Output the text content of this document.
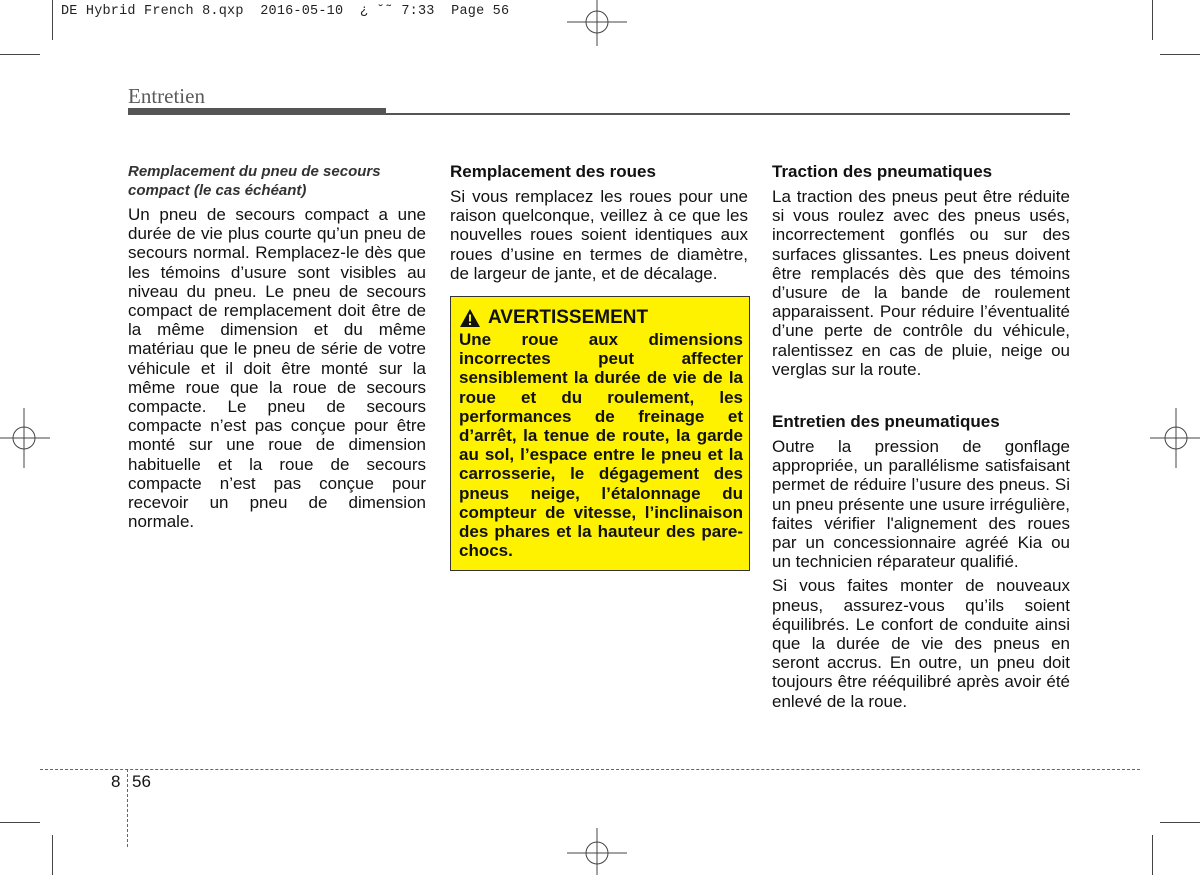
DE Hybrid French 8.qxp  2016-05-10  ¿ ˘˜ 7:33  Page 56
Entretien
Remplacement du pneu de secours compact (le cas échéant)

Un pneu de secours compact a une durée de vie plus courte qu’un pneu de secours normal. Remplacez-le dès que les témoins d’usure sont visibles au niveau du pneu. Le pneu de secours compact de remplacement doit être de la même dimension et du même matériau que le pneu de série de votre véhicule et il doit être monté sur la même roue que la roue de secours compacte. Le pneu de secours compacte n’est pas conçue pour être monté sur une roue de dimension habituelle et la roue de secours compacte n’est pas conçue pour recevoir un pneu de dimension normale.

Remplacement des roues

Si vous remplacez les roues pour une raison quelconque, veillez à ce que les nouvelles roues soient identiques aux roues d’usine en termes de diamètre, de largeur de jante, et de décalage.

AVERTISSEMENT

Une roue aux dimensions incorrectes peut affecter sensiblement la durée de vie de la roue et du roulement, les performances de freinage et d’arrêt, la tenue de route, la garde au sol, l’espace entre le pneu et la carrosserie, le dégagement des pneus neige, l’étalonnage du compteur de vitesse, l’inclinaison des phares et la hauteur des pare-chocs.

Traction des pneumatiques

La traction des pneus peut être réduite si vous roulez avec des pneus usés, incorrectement gonflés ou sur des surfaces glissantes. Les pneus doivent être remplacés dès que des témoins d’usure de la bande de roulement apparaissent. Pour réduire l’éventualité d’une perte de contrôle du véhicule, ralentissez en cas de pluie, neige ou verglas sur la route.

Entretien des pneumatiques

Outre la pression de gonflage appropriée, un parallélisme satisfaisant permet de réduire l’usure des pneus. Si un pneu présente une usure irrégulière, faites vérifier l'alignement des roues par un concessionnaire agréé Kia ou un technicien réparateur qualifié.

Si vous faites monter de nouveaux pneus, assurez-vous qu’ils soient équilibrés. Le confort de conduite ainsi que la durée de vie des pneus en seront accrus. En outre, un pneu doit toujours être rééquilibré après avoir été enlevé de la roue.

8 56
